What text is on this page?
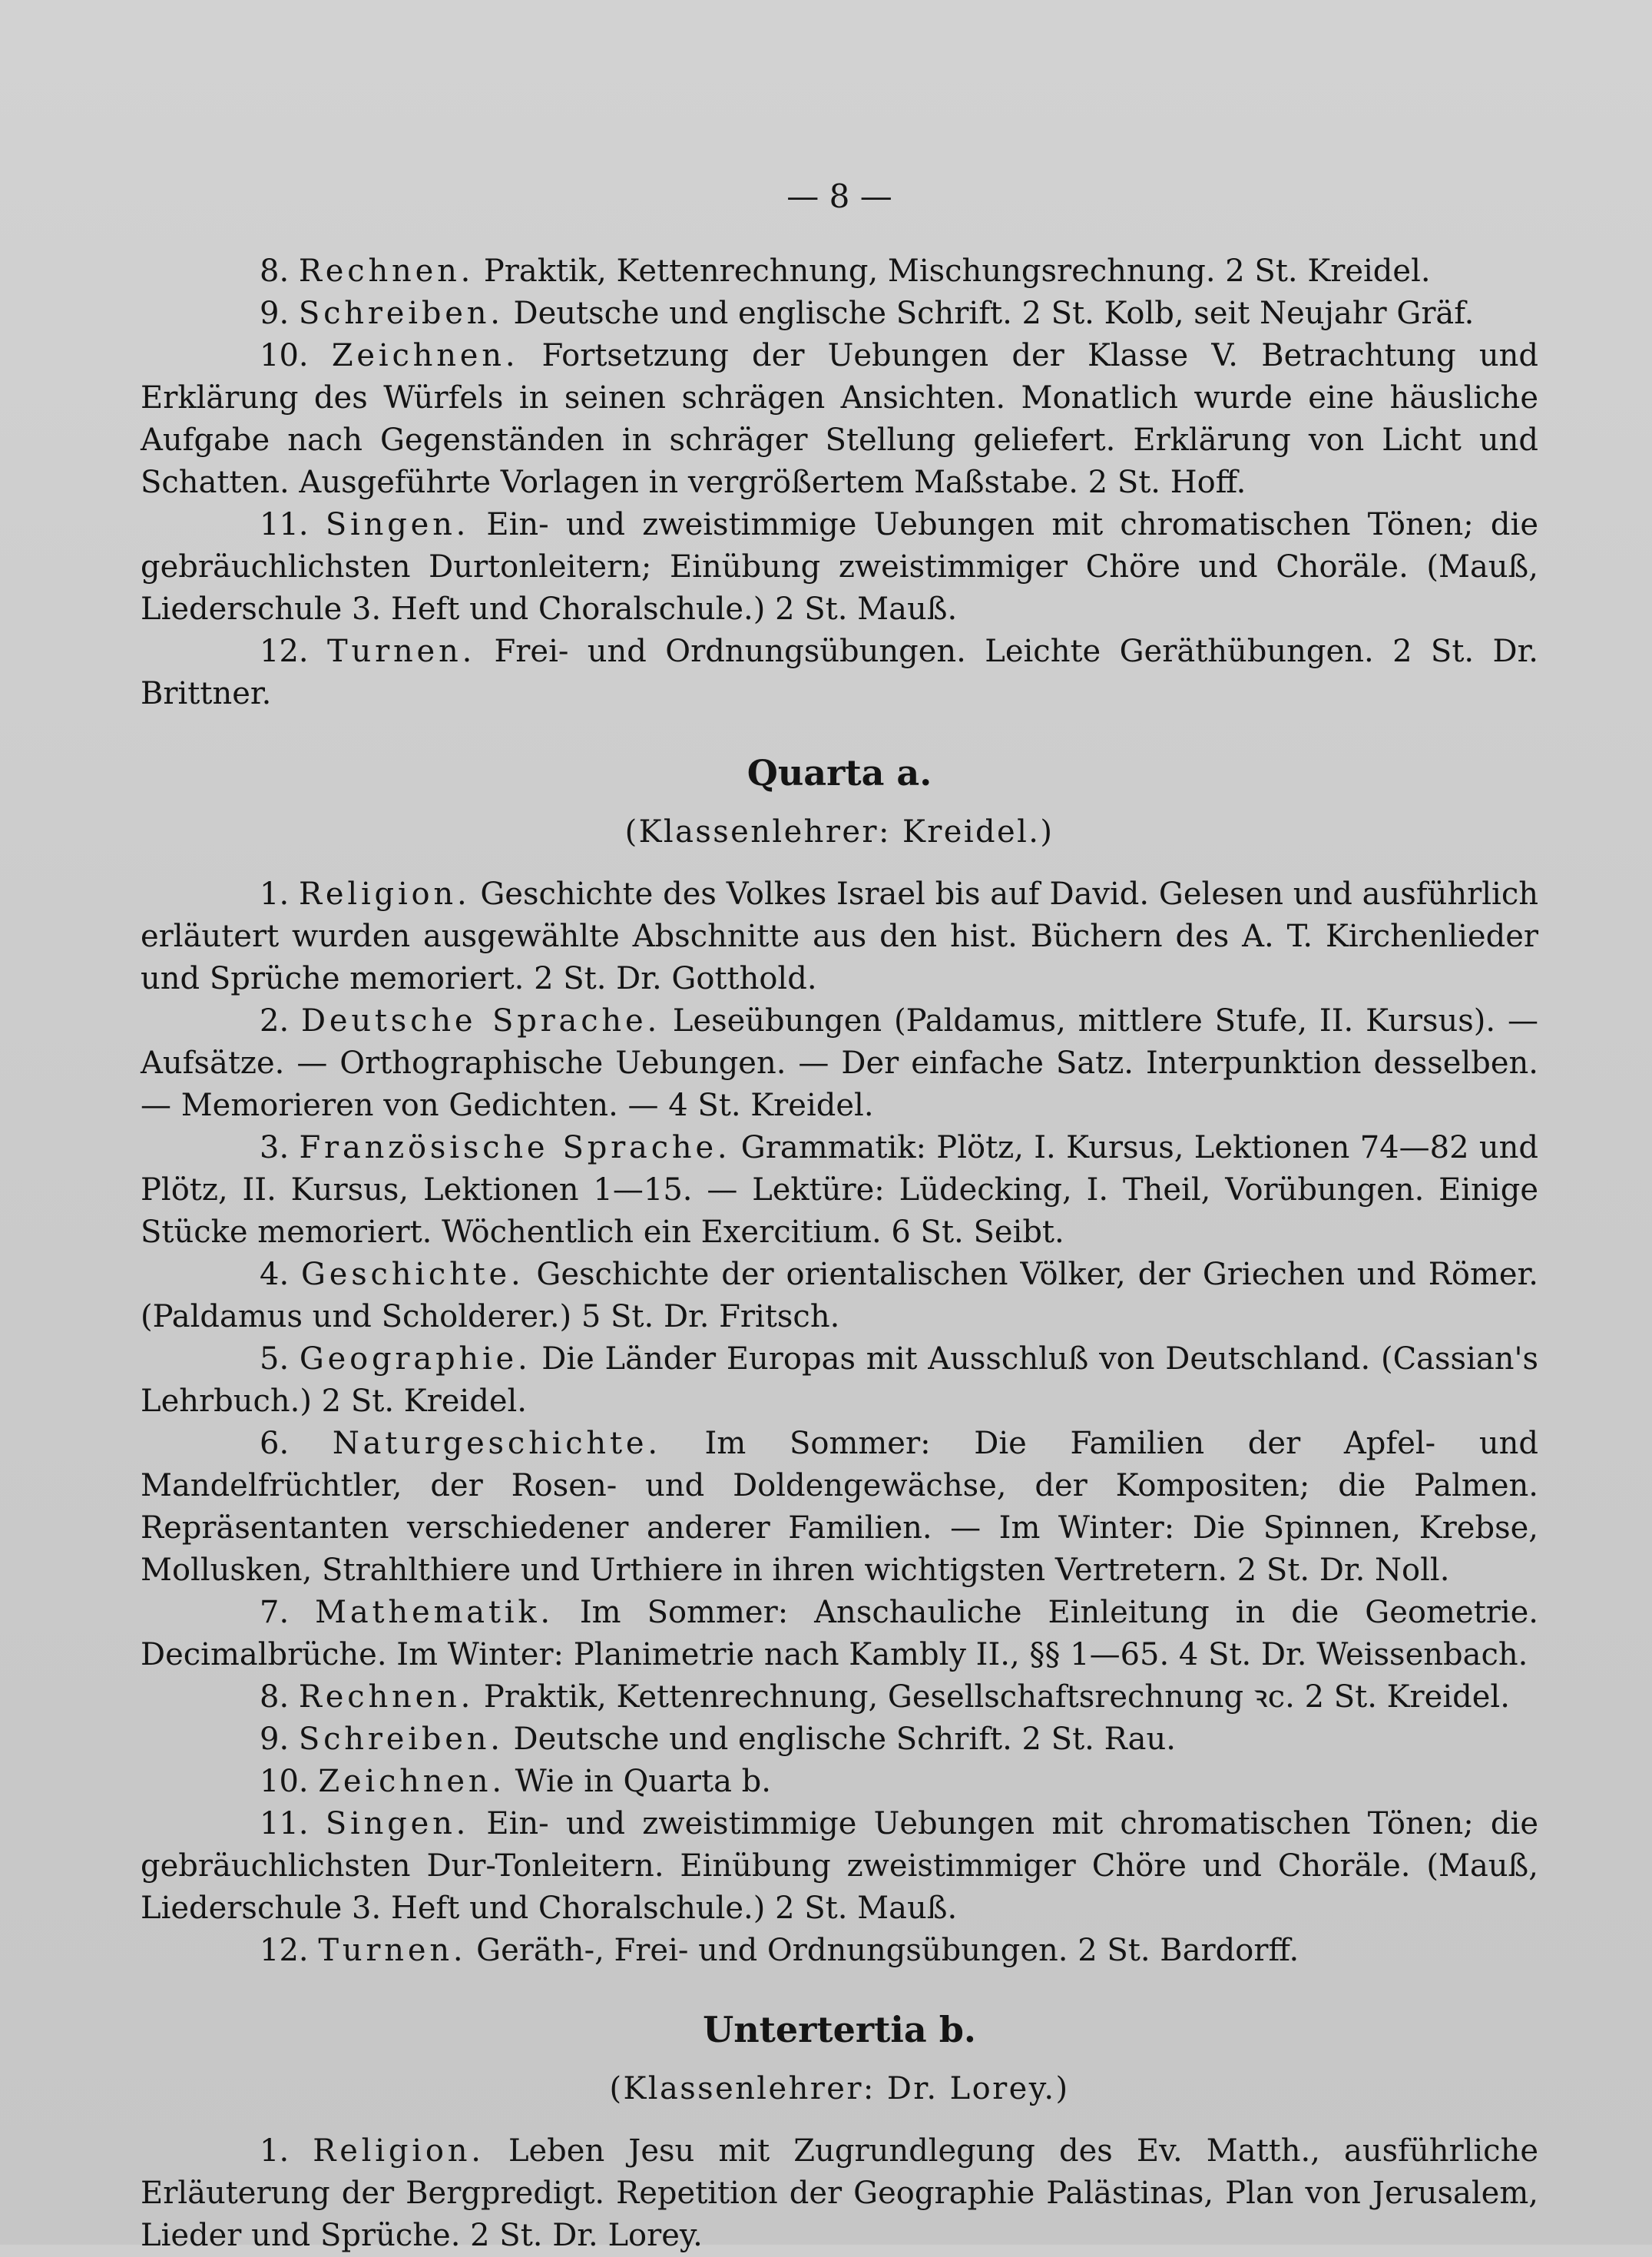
— 8 —

8. Rechnen. Praktik, Kettenrechnung, Mischungsrechnung. 2 St. Kreidel.

9. Schreiben. Deutsche und englische Schrift. 2 St. Kolb, seit Neujahr Gräf.

10. Zeichnen. Fortsetzung der Uebungen der Klasse V. Betrachtung und Erklärung des Würfels in seinen schrägen Ansichten. Monatlich wurde eine häusliche Aufgabe nach Gegenständen in schräger Stellung geliefert. Erklärung von Licht und Schatten. Ausgeführte Vorlagen in vergrößertem Maßstabe. 2 St. Hoff.

11. Singen. Ein- und zweistimmige Uebungen mit chromatischen Tönen; die gebräuchlichsten Durtonleitern; Einübung zweistimmiger Chöre und Choräle. (Mauß, Liederschule 3. Heft und Choralschule.) 2 St. Mauß.

12. Turnen. Frei- und Ordnungsübungen. Leichte Geräthübungen. 2 St. Dr. Brittner.

Quarta a.
(Klassenlehrer: Kreidel.)

1. Religion. Geschichte des Volkes Israel bis auf David. Gelesen und ausführlich erläutert wurden ausgewählte Abschnitte aus den hist. Büchern des A. T. Kirchenlieder und Sprüche memoriert. 2 St. Dr. Gotthold.

2. Deutsche Sprache. Leseübungen (Paldamus, mittlere Stufe, II. Kursus). — Aufsätze. — Orthographische Uebungen. — Der einfache Satz. Interpunktion desselben. — Memorieren von Gedichten. — 4 St. Kreidel.

3. Französische Sprache. Grammatik: Plötz, I. Kursus, Lektionen 74—82 und Plötz, II. Kursus, Lektionen 1—15. — Lektüre: Lüdecking, I. Theil, Vorübungen. Einige Stücke memoriert. Wöchentlich ein Exercitium. 6 St. Seibt.

4. Geschichte. Geschichte der orientalischen Völker, der Griechen und Römer. (Paldamus und Scholderer.) 5 St. Dr. Fritsch.

5. Geographie. Die Länder Europas mit Ausschluß von Deutschland. (Cassian's Lehrbuch.) 2 St. Kreidel.

6. Naturgeschichte. Im Sommer: Die Familien der Apfel- und Mandelfrüchtler, der Rosen- und Doldengewächse, der Kompositen; die Palmen. Repräsentanten verschiedener anderer Familien. — Im Winter: Die Spinnen, Krebse, Mollusken, Strahlthiere und Urthiere in ihren wichtigsten Vertretern. 2 St. Dr. Noll.

7. Mathematik. Im Sommer: Anschauliche Einleitung in die Geometrie. Decimalbrüche. Im Winter: Planimetrie nach Kambly II., §§ 1—65. 4 St. Dr. Weissenbach.

8. Rechnen. Praktik, Kettenrechnung, Gesellschaftsrechnung ꝛc. 2 St. Kreidel.

9. Schreiben. Deutsche und englische Schrift. 2 St. Rau.

10. Zeichnen. Wie in Quarta b.

11. Singen. Ein- und zweistimmige Uebungen mit chromatischen Tönen; die gebräuchlichsten Dur-Tonleitern. Einübung zweistimmiger Chöre und Choräle. (Mauß, Liederschule 3. Heft und Choralschule.) 2 St. Mauß.

12. Turnen. Geräth-, Frei- und Ordnungsübungen. 2 St. Bardorff.

Untertertia b.
(Klassenlehrer: Dr. Lorey.)

1. Religion. Leben Jesu mit Zugrundlegung des Ev. Matth., ausführliche Erläuterung der Bergpredigt. Repetition der Geographie Palästinas, Plan von Jerusalem, Lieder und Sprüche. 2 St. Dr. Lorey.
